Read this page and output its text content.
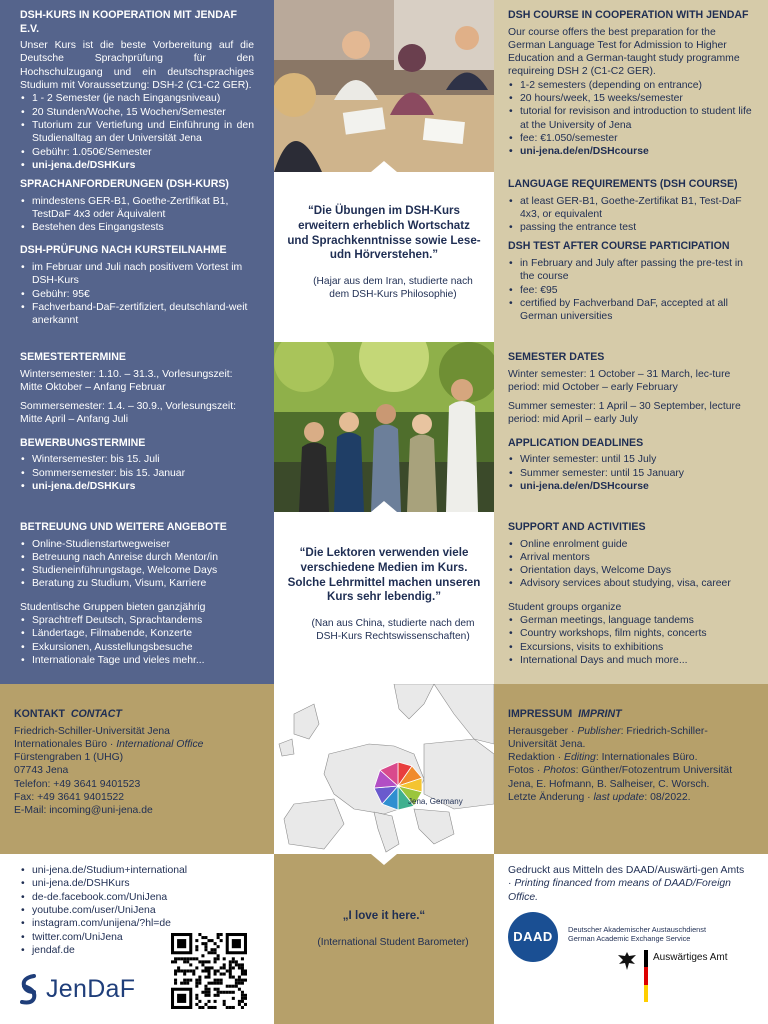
DSH-KURS IN KOOPERATION MIT JENDAF E.V.

Unser Kurs ist die beste Vorbereitung auf die Deutsche Sprachprüfung für den Hochschulzugang und ein deutschsprachiges Studium mit Voraussetzung: DSH-2 (C1-C2 GER).

• 1 - 2 Semester (je nach Eingangsniveau)
• 20 Stunden/Woche, 15 Wochen/Semester
• Tutorium zur Vertiefung und Einführung in den Studienalltag an der Universität Jena
• Gebühr: 1.050€/Semester
• uni-jena.de/DSHKurs
DSH COURSE IN COOPERATION WITH JENDAF

Our course offers the best preparation for the German Language Test for Admission to Higher Education and a German-taught study programme requireing DSH 2 (C1-C2 GER).

• 1-2 semesters (depending on entrance)
• 20 hours/week, 15 weeks/semester
• tutorial for revisison and introduction to student life at the University of Jena
• fee: €1.050/semester
• uni-jena.de/en/DSHcourse
SPRACHANFORDERUNGEN (DSH-KURS)
• mindestens GER-B1, Goethe-Zertifikat B1, TestDaF 4x3 oder Äquivalent
• Bestehen des Eingangstests
DSH-PRÜFUNG NACH KURSTEILNAHME
• im Februar und Juli nach positivem Vortest im DSH-Kurs
• Gebühr: 95€
• Fachverband-DaF-zertifiziert, deutschland-weit anerkannt

“Die Übungen im DSH-Kurs erweitern erheblich Wortschatz und Sprachkenntnisse sowie Lese- udn Hörverstehen.”

(Hajar aus dem Iran, studierte nach dem DSH-Kurs Philosophie)

LANGUAGE REQUIREMENTS (DSH COURSE)
• at least GER-B1, Goethe-Zertifikat B1, Test-DaF 4x3, or equivalent
• passing the entrance test
DSH TEST AFTER COURSE PARTICIPATION
• in February and July after passing the pre-test in the course
• fee: €95
• certified by Fachverband DaF, accepted at all German universities
SEMESTERTERMINE

Wintersemester: 1.10. – 31.3., Vorlesungszeit: Mitte Oktober – Anfang Februar

Sommersemester: 1.4. – 30.9., Vorlesungszeit: Mitte April – Anfang Juli

BEWERBUNGSTERMINE
• Wintersemester: bis 15. Juli
• Sommersemester: bis 15. Januar
• uni-jena.de/DSHKurs
SEMESTER DATES

Winter semester: 1 October – 31 March, lec-ture period: mid October – early February

Summer semester: 1 April – 30 September, lecture period: mid April – early July

APPLICATION DEADLINES
• Winter semester: until 15 July
• Summer semester: until 15 January
• uni-jena.de/en/DSHcourse
BETREUUNG UND WEITERE ANGEBOTE
• Online-Studienstartwegweiser
• Betreuung nach Anreise durch Mentor/in
• Studieneinführungstage, Welcome Days
• Beratung zu Studium, Visum, Karriere

Studentische Gruppen bieten ganzjährig

• Sprachtreff Deutsch, Sprachtandems
• Ländertage, Filmabende, Konzerte
• Exkursionen, Ausstellungsbesuche
• Internationale Tage und vieles mehr...

“Die Lektoren verwenden viele verschiedene Medien im Kurs. Solche Lehrmittel machen unseren Kurs sehr lebendig.”

(Nan aus China, studierte nach dem DSH-Kurs Rechtswissenschaften)

SUPPORT AND ACTIVITIES
• Online enrolment guide
• Arrival mentors
• Orientation days, Welcome Days
• Advisory services about studying, visa, career

Student groups organize

• German meetings, language tandems
• Country workshops, film nights, concerts
• Excursions, visits to exhibitions
• International Days and much more...
KONTAKT CONTACT

Friedrich-Schiller-Universität Jena

Internationales Büro · International Office

Fürstengraben 1 (UHG)

07743 Jena

Telefon: +49 3641 9401523

Fax: +49 3641 9401522

E-Mail: incoming@uni-jena.de

Jena, Germany
IMPRESSUM IMPRINT

Herausgeber · Publisher: Friedrich-Schiller-Universität Jena.

Redaktion · Editing: Internationales Büro.

Fotos · Photos: Günther/Fotozentrum Universität Jena, E. Hofmann, B. Salheiser, C. Worsch.

Letzte Änderung · last update: 08/2022.

• uni-jena.de/Studium+international
• uni-jena.de/DSHKurs
• de-de.facebook.com/UniJena
• youtube.com/user/UniJena
• instagram.com/unijena/?hl=de
• twitter.com/UniJena
• jendaf.de
JenDaF

„I love it here.“

(International Student Barometer)

Gedruckt aus Mitteln des DAAD/Auswärti-gen Amts · Printing financed from means of DAAD/Foreign Office.

DAAD	Deutscher Akademischer Austauschdienst

German Academic Exchange Service

Auswärtiges Amt
